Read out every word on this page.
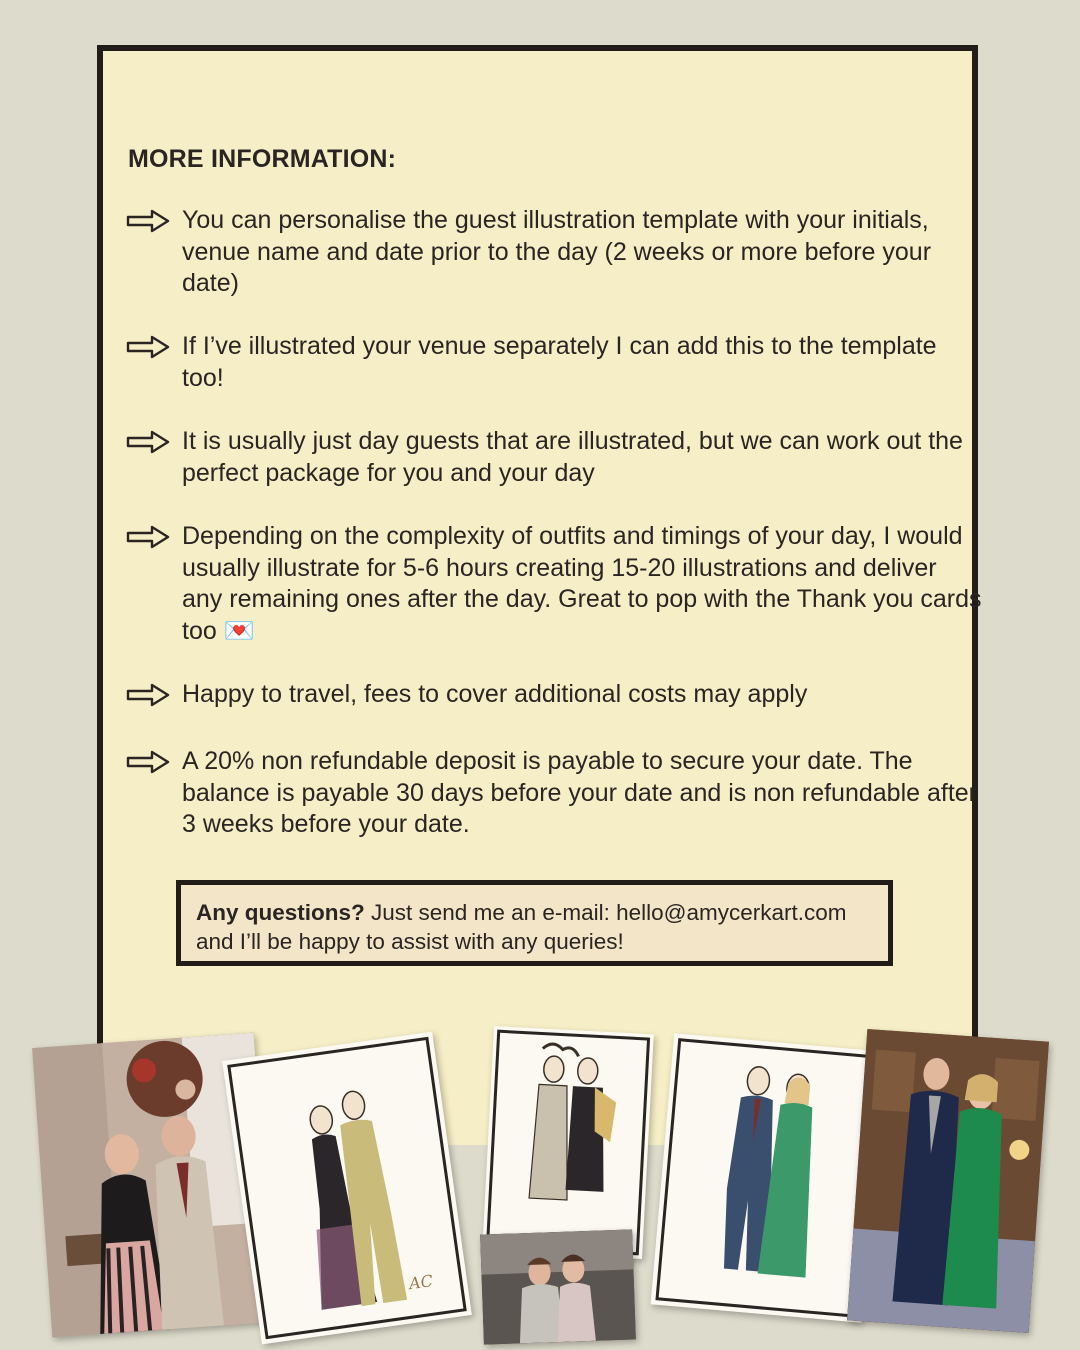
MORE INFORMATION:
You can personalise the guest illustration template with your initials, venue name and date prior to the day (2 weeks or more before your date)
If I’ve illustrated your venue separately I can add this to the template too!
It is usually just day guests that are illustrated, but we can work out the perfect package for you and your day
Depending on the complexity of outfits and timings of your day, I would usually illustrate for 5-6 hours creating 15-20 illustrations and deliver any remaining ones after the day. Great to pop with the Thank you cards too 💌
Happy to travel, fees to cover additional costs may apply
A 20% non refundable deposit is payable to secure your date. The balance is payable 30 days before your date and is non refundable after 3 weeks before your date.
Any questions? Just send me an e-mail: hello@amycerkart.com and I’ll be happy to assist with any queries!
AC
